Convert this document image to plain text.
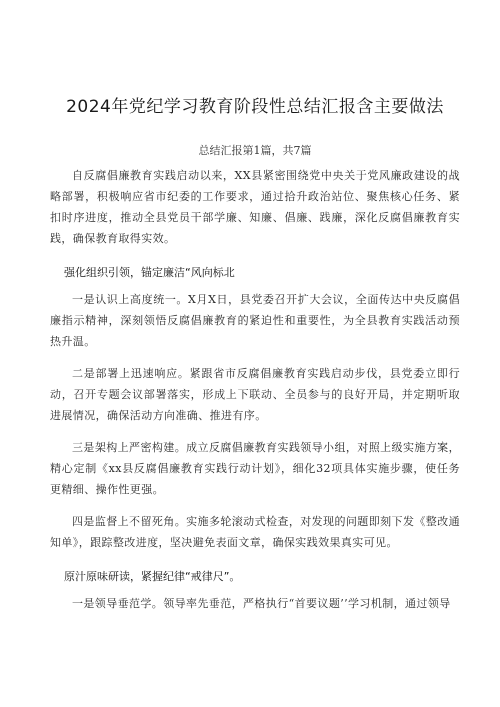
2024年党纪学习教育阶段性总结汇报含主要做法

总结汇报第1篇，共7篇

自反腐倡廉教育实践启动以来，XX县紧密围绕党中央关于党风廉政建设的战略部署，积极响应省市纪委的工作要求，通过拾升政治站位、聚焦核心任务、紧扣时序进度，推动全县党员干部学廉、知廉、倡廉、践廉，深化反腐倡廉教育实践，确保教育取得实效。

强化组织引领，锚定廉洁“风向标北

一是认识上高度统一。X月X日，县党委召开扩大会议，全面传达中央反腐倡廉指示精神，深刻领悟反腐倡廉教育的紧迫性和重要性，为全县教育实践活动预热升温。

二是部署上迅速响应。紧跟省市反腐倡廉教育实践启动步伐，县党委立即行动，召开专题会议部署落实，形成上下联动、全员参与的良好开局，并定期听取进展情况，确保活动方向准确、推进有序。

三是架构上严密构建。成立反腐倡廉教育实践领导小组，对照上级实施方案，精心定制《xx县反腐倡廉教育实践行动计划》，细化32项具体实施步骤，使任务更精细、操作性更强。

四是监督上不留死角。实施多轮滚动式检查，对发现的问题即刻下发《整改通知单》，跟踪整改进度，坚决避免表面文章，确保实践效果真实可见。

原汁原味研读，紧握纪律“戒律尺”。

一是领导垂范学。领导率先垂范，严格执行“首要议题’’学习机制，通过领导
